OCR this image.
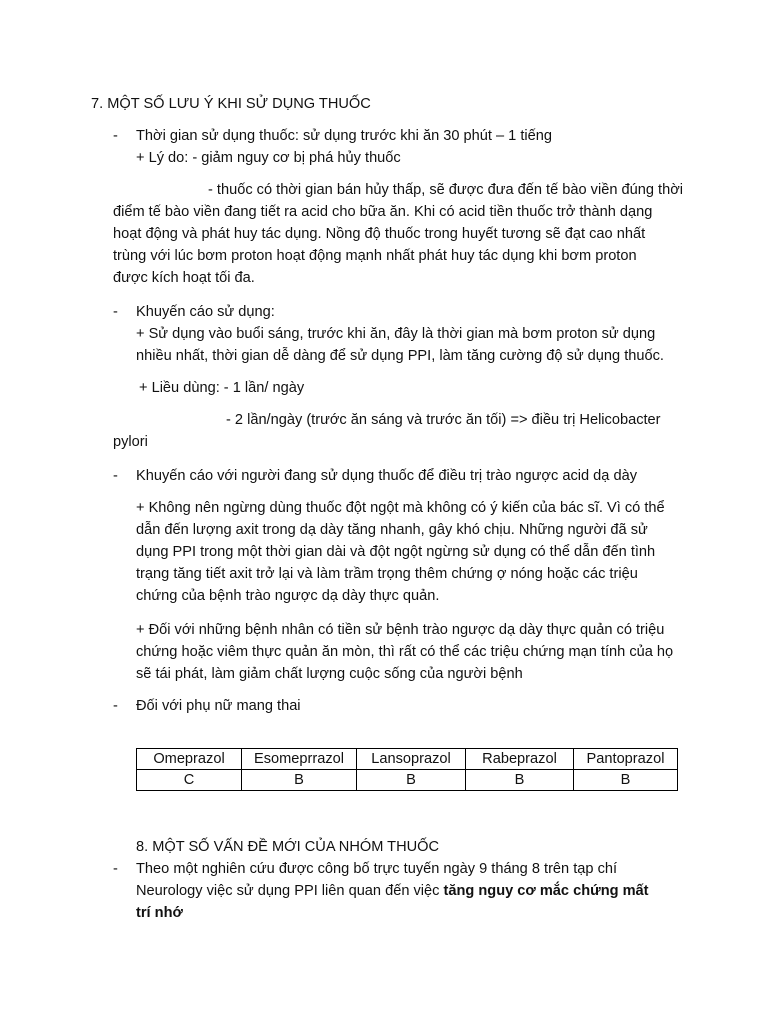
7. MỘT SỐ LƯU Ý KHI SỬ DỤNG THUỐC
- Thời gian sử dụng thuốc: sử dụng trước khi ăn 30 phút – 1 tiếng
+ Lý do: - giảm nguy cơ bị phá hủy thuốc
- thuốc có thời gian bán hủy thấp, sẽ được đưa đến tế bào viền đúng thời
điểm tế bào viền đang tiết ra acid cho bữa ăn. Khi có acid tiền thuốc trở thành dạng hoạt động và phát huy tác dụng. Nồng độ thuốc trong huyết tương sẽ đạt cao nhất trùng với lúc bơm proton hoạt động mạnh nhất phát huy tác dụng khi bơm proton được kích hoạt tối đa.
- Khuyến cáo sử dụng:
+ Sử dụng vào buổi sáng, trước khi ăn, đây là thời gian mà bơm proton sử dụng nhiều nhất, thời gian dễ dàng để sử dụng PPI, làm tăng cường độ sử dụng thuốc.
+ Liều dùng: - 1 lần/ ngày
- 2 lần/ngày (trước ăn sáng và trước ăn tối) => điều trị Helicobacter
pylori
- Khuyến cáo với người đang sử dụng thuốc để điều trị trào ngược acid dạ dày
+ Không nên ngừng dùng thuốc đột ngột mà không có ý kiến của bác sĩ. Vì có thể dẫn đến lượng axit trong dạ dày tăng nhanh, gây khó chịu. Những người đã sử dụng PPI trong một thời gian dài và đột ngột ngừng sử dụng có thể dẫn đến tình trạng tăng tiết axit trở lại và làm trầm trọng thêm chứng ợ nóng hoặc các triệu chứng của bệnh trào ngược dạ dày thực quản.
+ Đối với những bệnh nhân có tiền sử bệnh trào ngược dạ dày thực quản có triệu chứng hoặc viêm thực quản ăn mòn, thì rất có thể các triệu chứng mạn tính của họ sẽ tái phát, làm giảm chất lượng cuộc sống của người bệnh
- Đối với phụ nữ mang thai
Omeprazol	Esomeprrazol	Lansoprazol	Rabeprazol	Pantoprazol
C	B	B	B	B
8. MỘT SỐ VẤN ĐỀ MỚI CỦA NHÓM THUỐC
- Theo một nghiên cứu được công bố trực tuyến ngày 9 tháng 8 trên tạp chí Neurology việc sử dụng PPI liên quan đến việc tăng nguy cơ mắc chứng mất trí nhớ
